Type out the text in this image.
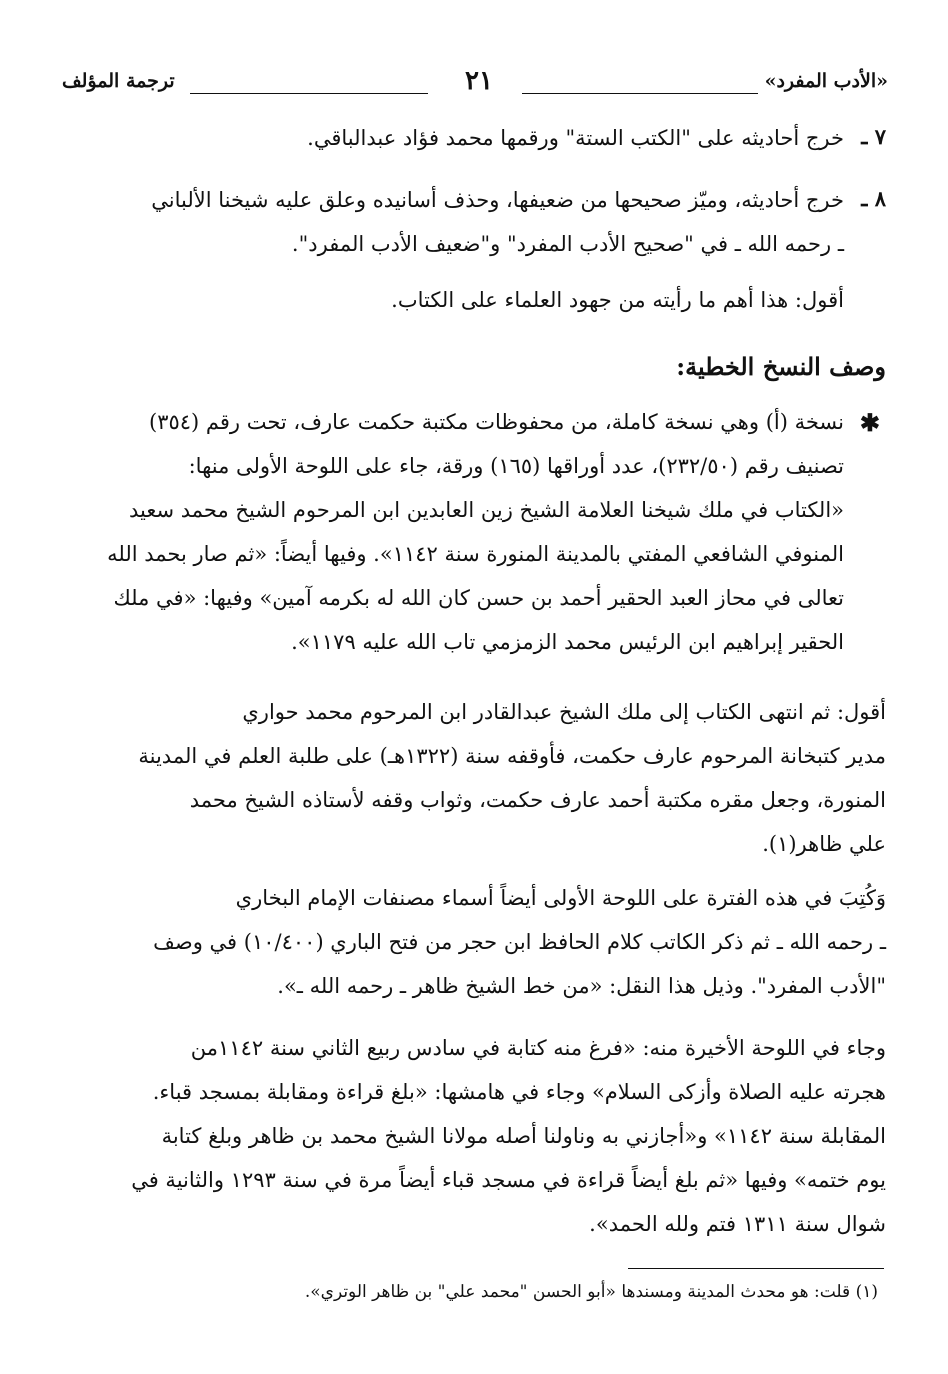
«الأدب المفرد»
٢١
ترجمة المؤلف
٧ ـ
خرج أحاديثه على "الكتب الستة" ورقمها محمد فؤاد عبدالباقي.
٨ ـ
خرج أحاديثه، وميّز صحيحها من ضعيفها، وحذف أسانيده وعلق عليه شيخنا الألباني
ـ رحمه الله ـ في "صحيح الأدب المفرد" و"ضعيف الأدب المفرد".
أقول: هذا أهم ما رأيته من جهود العلماء على الكتاب.
وصف النسخ الخطية:
✱
نسخة (أ) وهي نسخة كاملة، من محفوظات مكتبة حكمت عارف، تحت رقم (٣٥٤)
تصنيف رقم (٢٣٢/٥٠)، عدد أوراقها (١٦٥) ورقة، جاء على اللوحة الأولى منها:
«الكتاب في ملك شيخنا العلامة الشيخ زين العابدين ابن المرحوم الشيخ محمد سعيد
المنوفي الشافعي المفتي بالمدينة المنورة سنة ١١٤٢». وفيها أيضاً: «ثم صار بحمد الله
تعالى في محاز العبد الحقير أحمد بن حسن كان الله له بكرمه آمين» وفيها: «في ملك
الحقير إبراهيم ابن الرئيس محمد الزمزمي تاب الله عليه ١١٧٩».
أقول: ثم انتهى الكتاب إلى ملك الشيخ عبدالقادر ابن المرحوم محمد حواري
مدير كتبخانة المرحوم عارف حكمت، فأوقفه سنة (١٣٢٢هـ) على طلبة العلم في المدينة
المنورة، وجعل مقره مكتبة أحمد عارف حكمت، وثواب وقفه لأستاذه الشيخ محمد
علي ظاهر(١).
وَكُتِبَ في هذه الفترة على اللوحة الأولى أيضاً أسماء مصنفات الإمام البخاري
ـ رحمه الله ـ ثم ذكر الكاتب كلام الحافظ ابن حجر من فتح الباري (١٠/٤٠٠) في وصف
"الأدب المفرد". وذيل هذا النقل: «من خط الشيخ ظاهر ـ رحمه الله ـ».
وجاء في اللوحة الأخيرة منه: «فرغ منه كتابة في سادس ربيع الثاني سنة ١١٤٢من
هجرته عليه الصلاة وأزكى السلام» وجاء في هامشها: «بلغ قراءة ومقابلة بمسجد قباء.
المقابلة سنة ١١٤٢» و«أجازني به وناولنا أصله مولانا الشيخ محمد بن ظاهر وبلغ كتابة
يوم ختمه» وفيها «ثم بلغ أيضاً قراءة في مسجد قباء أيضاً مرة في سنة ١٢٩٣ والثانية في
شوال سنة ١٣١١ فتم ولله الحمد».
(١) قلت: هو محدث المدينة ومسندها «أبو الحسن "محمد علي" بن ظاهر الوتري».
